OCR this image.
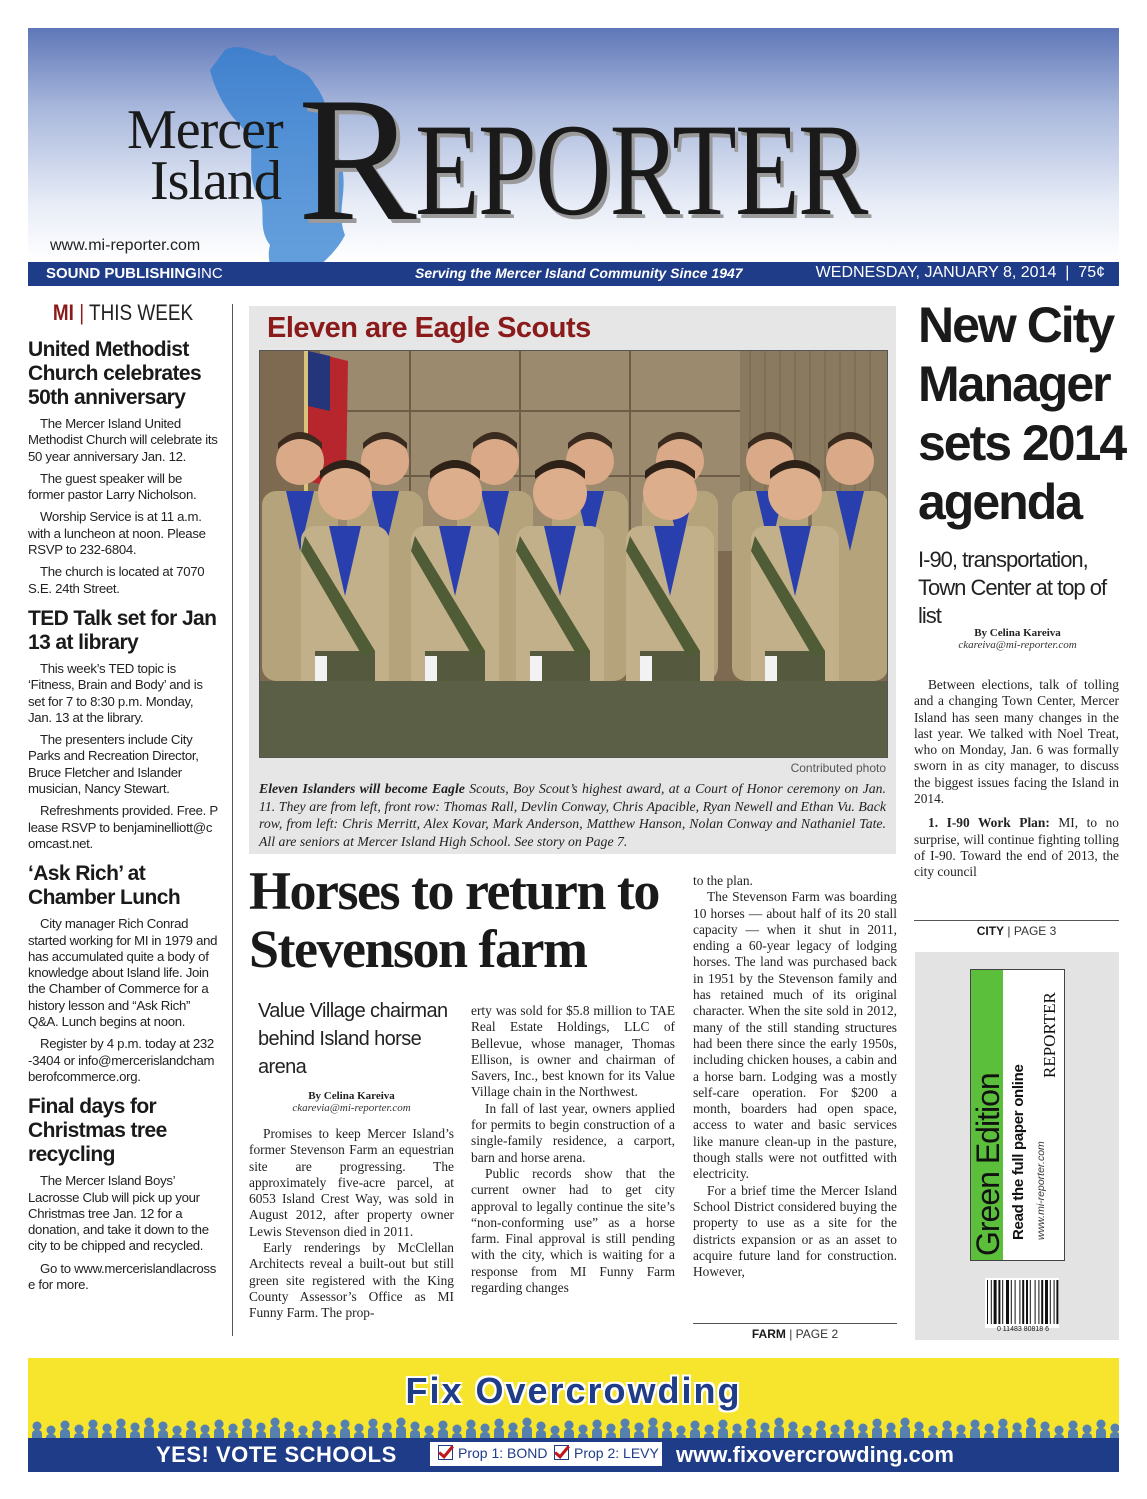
Mercer
Island R
EPORTER
www.mi-reporter.com
SOUND PUBLISHINGINC	Serving the Mercer Island Community Since 1947	WEDNESDAY, JANUARY 8, 2014  |  75¢
MI | THIS WEEK
United Methodist Church celebrates 50th anniversary

The Mercer Island United Methodist Church will celebrate its 50 year anniversary Jan. 12.

The guest speaker will be former pastor Larry Nicholson.

Worship Service is at 11 a.m. with a luncheon at noon. Please RSVP to 232-6804.

The church is located at 7070 S.E. 24th Street.

TED Talk set for Jan 13 at library

This week’s TED topic is ‘Fitness, Brain and Body’ and is set for 7 to 8:30 p.m. Monday, Jan. 13 at the library.

The presenters include City Parks and Recreation Director, Bruce Fletcher and Islander musician, Nancy Stewart.

Refreshments provided. Free. Please RSVP to benjaminelliott@comcast.net.

‘Ask Rich’ at Chamber Lunch

City manager Rich Conrad started working for MI in 1979 and has accumulated quite a body of knowledge about Island life. Join the Chamber of Commerce for a history lesson and “Ask Rich” Q&A. Lunch begins at noon.

Register by 4 p.m. today at 232-3404 or info@mercerislandchamberofcommerce.org.

Final days for Christmas tree recycling

The Mercer Island Boys’ Lacrosse Club will pick up your Christmas tree Jan. 12 for a donation, and take it down to the city to be chipped and recycled.

Go to www.mercerislandlacrosse for more.

Eleven are Eagle Scouts
Contributed photo
Eleven Islanders will become Eagle Scouts, Boy Scout’s highest award, at a Court of Honor ceremony on Jan. 11. They are from left, front row: Thomas Rall, Devlin Conway, Chris Apacible, Ryan Newell and Ethan Vu. Back row, from left: Chris Merritt, Alex Kovar, Mark Anderson, Matthew Hanson, Nolan Conway and Nathaniel Tate. All are seniors at Mercer Island High School. See story on Page 7.
Horses to return to Stevenson farm
Value Village chairman behind Island horse arena
By Celina Kareiva
ckarevia@mi-reporter.com

Promises to keep Mercer Island’s former Stevenson Farm an equestrian site are progressing. The approximately five-acre parcel, at 6053 Island Crest Way, was sold in August 2012, after property owner Lewis Stevenson died in 2011.

Early renderings by McClellan Architects reveal a built-out but still green site registered with the King County Assessor’s Office as MI Funny Farm. The prop-

erty was sold for $5.8 million to TAE Real Estate Holdings, LLC of Bellevue, whose manager, Thomas Ellison, is owner and chairman of Savers, Inc., best known for its Value Village chain in the Northwest.

In fall of last year, owners applied for permits to begin construction of a single-family residence, a carport, barn and horse arena.

Public records show that the current owner had to get city approval to legally continue the site’s “non-conforming use” as a horse farm. Final approval is still pending with the city, which is waiting for a response from MI Funny Farm regarding changes

to the plan.

The Stevenson Farm was boarding 10 horses — about half of its 20 stall capacity — when it shut in 2011, ending a 60-year legacy of lodging horses. The land was purchased back in 1951 by the Stevenson family and has retained much of its original character. When the site sold in 2012, many of the still standing structures had been there since the early 1950s, including chicken houses, a cabin and a horse barn. Lodging was a mostly self-care operation. For $200 a month, boarders had open space, access to water and basic services like manure clean-up in the pasture, though stalls were not outfitted with electricity.

For a brief time the Mercer Island School District considered buying the property to use as a site for the districts expansion or as an asset to acquire future land for construction. However,

FARM | PAGE 2
New City Manager sets 2014 agenda
I-90, transportation, Town Center at top of list
By Celina Kareiva
ckareiva@mi-reporter.com

Between elections, talk of tolling and a changing Town Center, Mercer Island has seen many changes in the last year. We talked with Noel Treat, who on Monday, Jan. 6 was formally sworn in as city manager, to discuss the biggest issues facing the Island in 2014.

1. I-90 Work Plan: MI, to no surprise, will continue fighting tolling of I-90. Toward the end of 2013, the city council

CITY | PAGE 3
Green Edition Read the full paper online www.mi-reporter.com
REPORTER
0 11483 80818 6
Fix Overcrowding
YES! VOTE SCHOOLS	Prop 1: BOND Prop 2: LEVY www.fixovercrowding.com
